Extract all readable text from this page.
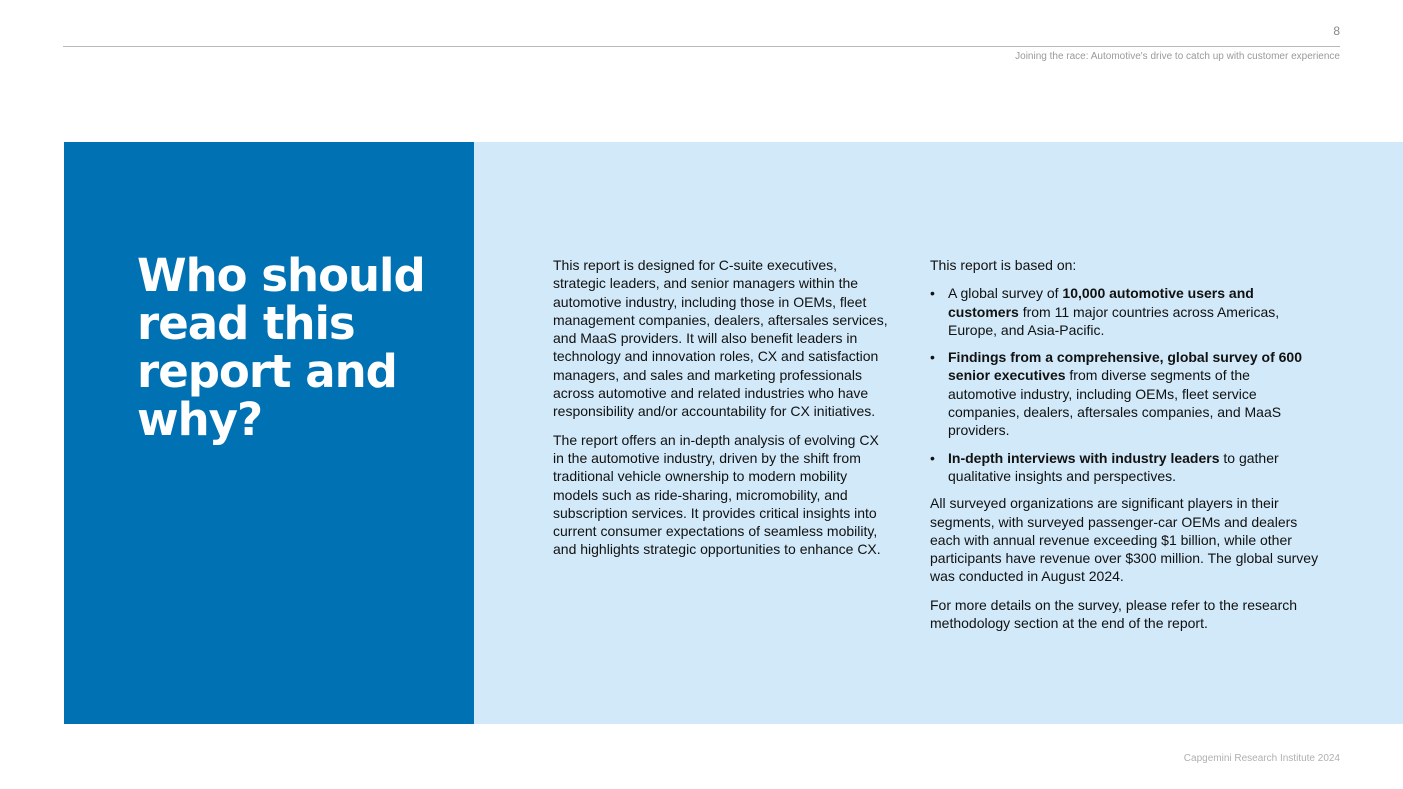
8
Joining the race: Automotive's drive to catch up with customer experience
Who should read this report and why?

This report is designed for C-suite executives, strategic leaders, and senior managers within the automotive industry, including those in OEMs, fleet management companies, dealers, aftersales services, and MaaS providers. It will also benefit leaders in technology and innovation roles, CX and satisfaction managers, and sales and marketing professionals across automotive and related industries who have responsibility and/or accountability for CX initiatives.

The report offers an in-depth analysis of evolving CX in the automotive industry, driven by the shift from traditional vehicle ownership to modern mobility models such as ride-sharing, micromobility, and subscription services. It provides critical insights into current consumer expectations of seamless mobility, and highlights strategic opportunities to enhance CX.

This report is based on:

• A global survey of 10,000 automotive users and customers from 11 major countries across Americas, Europe, and Asia-Pacific.
• Findings from a comprehensive, global survey of 600 senior executives from diverse segments of the automotive industry, including OEMs, fleet service companies, dealers, aftersales companies, and MaaS providers.
• In-depth interviews with industry leaders to gather qualitative insights and perspectives.

All surveyed organizations are significant players in their segments, with surveyed passenger-car OEMs and dealers each with annual revenue exceeding $1 billion, while other participants have revenue over $300 million. The global survey was conducted in August 2024.

For more details on the survey, please refer to the research methodology section at the end of the report.

Capgemini Research Institute 2024
